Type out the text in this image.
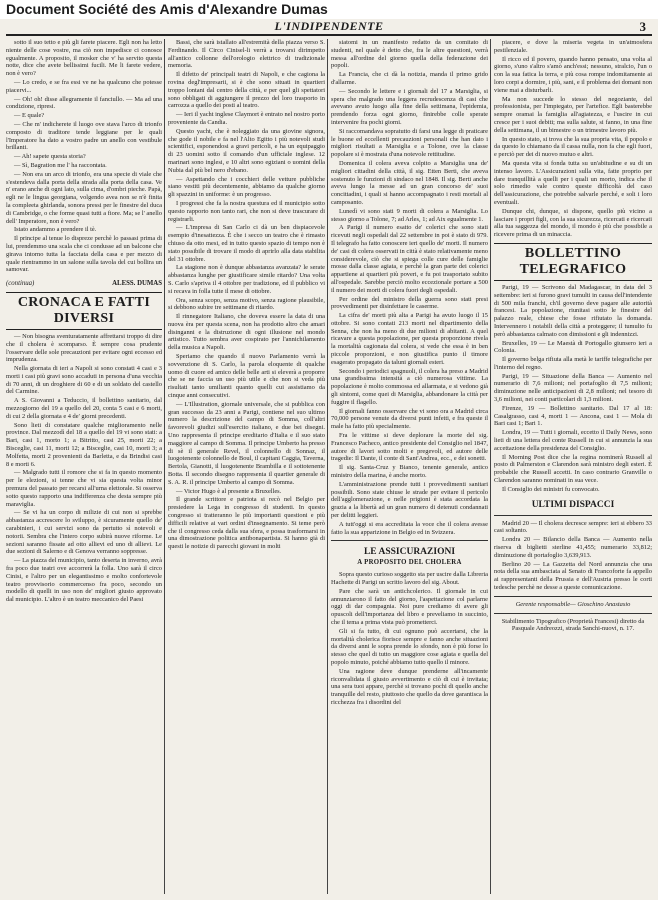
Document Société des Amis d'Alexandre Dumas
L'INDIPENDENTE	3

sotto il suo tetto e più gli farete piacere. Egli non ha letto niente delle cose vostre, ma ciò non impedisce ci conosce egualmente. A proposito, il mosker che v' ha servito questa notte, dice che avete bellissimi fucili. Me li farete vedere, non è vero?

— Lo credo, e se fra essi ve ne ha qualcuno che potesse piacervi...

— Oh! oh! disse allegramente il fanciullo. — Ma ad una condizione, ripresi.

— E quale?

— Che m' indicherete il luogo ove stava l'arco di trionfo composto di traditore tende leggiane per le quali l'Imperatore ha dato a vostro padre un anello con vestibule brillanti.

— Ah! sapete questa storia?

— Sì, Bagration me l' ha raccontata.

— Non era un arco di trionfo, era una specie di viale che s'estendeva dalla porta della strada alla porta della casa. Ve n' erano anche di ogni lato, sulla cima, d'ombri pieche. Papà, egli ne le lingua georgiana, volgendo avea non se n'è finita la compleeta ghirlanda, sonora pressi per le finestre del duca di Cambridge, o che forme quasi tutti a fiore. Ma; se l' anello dell' Imperatore, non è vero?

Istato andammo a prendere il tè.

Il principe al tenue lo dispreze perchè lo passasi prima di lui, prendemmo una scala che ci condusse ad un balcone che girava intorno tutta la facciata della casa e per mezzo di quale rientrammo in un salone sulla tavola del cui bollira un samovar.

(continua)	ALESS. DUMAS
CRONACA E FATTI DIVERSI

— Non bisogna sventuratamente affrettarsi troppo di dire che il cholera è scomparso. È sempre cosa prudente l'osservare delle sole precauzioni per evitare ogni eccesso ed imprudenza.

Nella giornata di ieri a Napoli si sono constati 4 casi e 3 morti i casi più gravi sono accaduti in persona d'una vecchia di 70 anni, di un droghiere di 60 e di un soldato del castello del Carmine.

A S. Giovanni a Teduccio, il bollettino sanitario, dal mezzogiorno del 19 a quello del 20, conta 5 casi e 6 morti, di cui 2 della giornata e 4 de' giorni precedenti.

Sono lieti di constatare qualche miglioramento nelle province. Dal mezzodì del 18 a quello del 19 vi sono stati: a Bari, casi 1, morto 1; a Bitritto, casi 25, morti 22; a Bisceglie, casi 11, morti 12; a Bisceglie, casi 10, morti 3; a Molfetta, morti 2 provenienti da Barletta, e da Brindisi casi 8 e morti 6.

— Malgrado tutti il romore che si fa in questo momento per le elezioni, si tenne che vi sia questa volta minor premura del passato per recarsi all'urna elettorale. Si osserva sotto questo rapporto una indifferenza che desta sempre più maraviglia.

— Se vi ha un corpo di milizie di cui non si sprebbe abbastanza accrescere lo sviluppo, è sicuramente quello de' carabinieri, i cui servizi sono da pertutto sì notevoli e notorii. Sembra che l'intero corpo subirà nuove riforme. Le sezioni saranno fissate ad otto allievi ed uno di allievi. Le due sezioni di Salerno e di Genova verranno soppresse.

— La piazza del municipio, tanto deserta in inverno, avrà fra poco due teatri ove accorrerà la folla. Uno sarà il circo Cinisi, e l'altro per un elegantissimo e molto confortevole teatro provvisorio commercenso fra poco, secondo un modello di quelli in uso non de' migliori giusto approvato dal municipio. L'altro è un teatro meccanico del Paesi

Bassi, che sarà istallato all'estremità della piazza verso S. Ferdinando. Il Circo Cinisel-li verrà a trovarsi dirimpetto all'antico collonne dell'orologio elettrico di tradizionale memoria.

Il difetto de' principali teatri di Napoli, e che cagiona la rovina degl'impresarii, si è che sono situati in quartieri troppo lontani dal centro della città, e per quel gli spettatori sono obbligati di aggiungere il prezzo del loro trasporto in carrozza a quello dei posti al teatro.

— Ieri il yacht inglese Claymort è entrato nel nostro porto proveniente da Candia.

Questo yacht, che è noleggiato da una giovine signora, che gode il nobile e fa nel l'Alto Egitto i più notevoli studi scientifici, esponendosi a gravi pericoli, e ha un equipaggio di 23 uomini sotto il comando d'un ufficiale inglese. 12 marinari sono inglesi, e 10 altri sono egiziani o uomini della Nubia dal più bel nero d'ebano.

— Aspettando che i cocchieri delle vetture pubbliche siano vestiti più decentemente, abbiamo da qualche giorno gli spazzini in uniforme: è un progresso.

I progressi che fa la nostra questura ed il municipio sotto questo rapporto non tanto rari, che non si deve trascurare di registrarli.

— L'impresa di San Carlo ci dà un ben dispiacevole esempio d'inesattezza. È che i secco un teatro che è rimasto chiuso da otto mesi, ed in tutto questo spazio di tempo non è stato possibile di trovare il modo di aprirlo alla data stabilita del 31 ottobre.

La stagione non è dunque abbastanza avanzata? le serate abbastanza lunghe per giustificare simile ritardo? Una volta S. Carlo s'apriva il 4 ottobre per tradizione, ed il pubblico vi si recava in folla tutte il mese di ottobre.

Ora, senza scopo, senza motivo, senza ragione plausibile, si debbono subire tre settimane di ritardo.

Il rinnegatore Italiano, che doveva essere la data di una nuova èra per questa scena, non ha prodotto altro che amari disinganni e la distruzione di ogni illusione nel mondo artistico. Tutto sembra aver cospirato per l'annichilamento della musica a Napoli.

Speriamo che quando il nuovo Parlamento verrà la sovvenzione di S. Carlo, la parola eloquente di qualche uomo di cuore ed amico delle belle arti si eleverà a proporre che se ne faccia un uso più utile e che non si veda più risultati tanto umilianti quanto quelli cui assistiamo da cinque anni consecutivi.

— L'Illustration, giornale universale, che si pubblica con gran successo da 23 anni a Parigi, contiene nel suo ultimo numero la descrizione del campo di Somma, coll'altri favorevoli giudizi sull'esercito italiano, e due bei disegni. Uno rappresenta il principe ereditario d'Italia e il suo stato maggiore al campo di Somma. Il principe Umberto ha presso di sè il generale Revel, il colonnello di Sonnaz, il luogotenente colonnello de Boul, il capitani Caggia, Taverna, Bertola, Gianotti, il luogotenente Brambilla e il sottotenente Botta. Il secondo disegno rappresenta il quartier generale di S. A. R. il principe Umberto al campo di Somma.

— Victor Hugo è al presente a Bruxelles.

Il grande scrittore e patriota si recò nel Belgio per presiedere la Lega in congresso di studenti. In questo congresso si tratteranno le più importanti questioni e più difficili relative ai vari ordini d'insegnamento. Si teme però che il congresso ceda dalla sua sfera, e possa trasformarsi in una dimostrazione politica antibonapartista. Si hanno già di questi le notizie di parecchi giovani in molti

siatomi in un manifesto redatto da un comitato di studenti, nel quale è detto che, fra le altre questioni, verrà messa all'ordine del giorno quella della federazione dei popoli.

La Francia, che ci dà la notizia, manda il primo grido d'allarme.

— Secondo le lettere e i giornali del 17 a Marsiglia, si spera che malgrado una leggera recrudescenza di casi che avevano avuto luogo alla fine della settimana, l'epidemia, prendendo forza ogni giorno, finirebbe colle sperate intervenire fra pochi giorni.

Si raccomandava sopratutto di farsi una legge di praticare le buone ed eccellenti precauzioni personali che han dato i migliori risultati a Marsiglia e a Tolone, ove la classe popolare si è mostrata d'una notevole rettitudine.

Domenica il colera aveva colpito a Marsiglia una de' migliori cittadini della città, il sig. Etten Berti, che aveva sostenuto le funzioni di sindaco nel 1848. Il sig. Berti anche aveva lungo la messe ad un gran concorso de' suoi concittadini, i quali si hanno accompagnato i resti mortali al camposanto.

Lunedì vi sono stati 9 morti di colera a Marsiglia. Lo stesso giorno a Tolone, 7; ad Arles, 1; ad Aix egualmente 1.

A Parigi il numero esatto de' colerici che sono stati ricevuti negli ospedali dal 22 settembre in poi è stato di 979. Il telegrafo ha fatto conoscere ieri quello de' morti. Il numero de' casi di colera osservati in città è stato relativamente meno considerevole, ciò che si spiega colle cure delle famiglie mosse dalla classe agiata, e perchè la gran parte dei colerici appartiene ai quartieri più poveri, e fu poi trasportato subito all'ospedale. Sarebbe perciò molto eccezionale portare a 500 il numero dei morti di colera fuori degli ospedali.

Per ordine del ministro della guerra sono stati presi provvedimenti per disinfettare le caserme.

La cifra de' morti più alta a Parigi ha avuto luogo il 15 ottobre. Si sono contati 213 morti nel dipartimento della Senna, che non ha meno di due milioni di abitanti. A quel ricavare a questa popolazione, per questa proporzione rivela la mortalità cagionata dal colera, si vede che essa è in ben piccole proporzioni, e non giustifica punto il timore esagerato propagato da taluni giornali esteri.

Secondo i periodici spagnuoli, il colera ha preso a Madrid una grandissima intensità a ciò numerosa vittime. La popolazione è molto commossa ed allarmata, e si vedono già gli sintomi, come quei di Marsiglia, abbandonare la città per fuggire il flagello.

Il giornali fanno osservare che vi sono ora a Madrid circa 70,000 persone venute da diversi punti infetti, e fra queste il male ha fatto più specialmente.

Fra le vittime si deve deplorare la morte del sig. Francesco Pacheco, antico presidente del Consiglio nel 1847, autore di lavori sotto molti e pregevoli, ed autore delle tragedie: Il Dante, il conte di Sant'Andrea, ecc., e dei sonetti.

Il sig. Santa-Cruz y Bianco, tenente generale, antico ministro della marina, è anche morto.

L'amministrazione prende tutti i provvedimenti sanitari possibili. Sono state chiuse le strade per evitare il pericolo dell'agglomerazione, e nelle prigioni è stata accordata la grazia a la libertà ad un gran numero di detenuti condannati per delitti leggieri.

A tutt'oggi si era accreditata la voce che il colera avesse fatto la sua apparizione in Belgio ed in Svizzera.

LE ASSICURAZIONI
A PROPOSITO DEL CHOLERA

Sopra questo curioso soggetto sta per uscire dalla Libreria Hachette di Parigi un scritto lavoro del sig. About.

Pare che sarà un antichcolerico. Il giornale in cui annunziarono il fatto del giorno, l'aspettazione col parlarne oggi di dar compagnia. Noi pure crediamo di avere gli opuscoli dell'importanza del libro e preveliamo in succinto, che il tema a prima vista può prometterci.

Gli si fa tutto, di cui ognuno può accertarsi, che la mortalità cholerica fiorisce sempre e fanno anche situazioni da diversi anni le sopra prende lo sfondo, non è più forse lo stesso che quel di tutto un maggiore cose agiata e quella del popolo minuto, poiché abbiamo tutto quello il minore.

Una ragione deve dunque prenderne all'incamente riconvalidata il giusto avvertimento e ciò di cui è invitata; una sera tuoi appare, perchè si trovano pochi di quello anche tranquille del resto, piuttosto che quello da dove garantisca la ricchezza fra i disordini del

piacere, e dove la miseria vegeta in un'atmosfera pestilenziale.

Il ricco ed il povero, quando hanno pensato, una volta al giorno, s'uno s'altro s'amò anch'essi; nessuno, stralcio, l'un o con la sua fatica la terra, e più cosa rompe indomitamente ai loro corpi a dormire, i più, sani, e il problema dei domani non viene mai a disturbarli.

Ma non succede lo stesso del negoziante, del professionista, per l'impiegato, per l'artefice. Egli basterebbe sempre oramai la famiglia all'agiatezza, e l'uscire in cui cresce per i suoi debiti; ma sulla salute, si fanno, in una fine della settimana, il un bimestre o un trimestre lavoro più.

In questo stato, si trova che la sua propria vita, il popolo e da questo lo chiamano da il cassa nulla, non fa che egli fuori, e perciò per dei di nuovo mutuo e altri.

Ma questa vita si fonda tutta su un'abitudine e su di un intenso lavoro. L'Assicurazioni sulla vita, fatte proprio per dare tranquillità a quelli per i quali un morto, indica che il solo rimedio vale contro queste difficoltà del caso dell'assicurazione, che potrebbe salvarle perché, e soli i loro eventuali.

Dunque chi, dunque, si dispone, quello più vicino a lasciare i propri figli, con la sua sicurezza, ricercati e ricercati alla tua saggezza del mondo, il mondo è più che possibile a ricevere prima di un minaccia.

BOLLETTINO TELEGRAFICO

Parigi, 19 — Scrivono dal Madagascar, in data del 3 settembre: ieri si furono gravi tumulti in causa dell'intendente di 500 mila franchi, ch'il governo deve pagare alle autorità francesi. La popolazione, riunitasi sotto le finestre del palazzo reale, chiese che fosse rifiutato la domanda. Intervennero i notabili della città a proteggere; il tumulto fu però abbastanza calmato con dimissioni e gli indennizzi.

Bruxelles, 19 — Le Maestà di Portogallo giunsero ieri a Colonia.

Il governo belga rifiuta alla metà le tariffe telegrafiche per l'interno del regno.

Parigi, 19 — Situazione della Banca — Aumento nel numerario di 7,6 milioni; nel portafoglio di 7,5 milioni; diminuzione nelle anticipazioni di 2,8 milioni; nel tesoro di 3,6 milioni, nei conti particolari di 1,3 milioni.

Firenze, 19 — Bollettino sanitario. Dal 17 al 18: Casalgrasso, casi 4, morti 1 — Ancona, casi 1 — Mola di Bari casi 1; Bari 1.

Londra, 19 — Tutti i giornali, eccetto il Daily News, sono lieti di una lettera del conte Russell in cui si annunzia la sua accettazione della presidenza del Consiglio.

Il Morning Post dice che la regina nominerà Russell al posto di Palmerston e Clarendon sarà ministro degli esteri. È probabile che Russell accetti. In caso contrario Granville o Clarendon saranno nominati in sua vece.

Il Consiglio dei ministri fu convocato.

ULTIMI DISPACCI

Madrid 20 — Il cholera decresce sempre: ieri si ebbero 33 casi soltanto.

Londra 20 — Bilancio della Banca — Aumento nella riserva di biglietti sterline 41,455; numerario 33,812; diminuzione di portafoglio 3,639,913.

Berlino 20 — La Gazzetta del Nord annunzia che una nota della sua ambasciata al Senato di Francoforte fa appello ai rappresentanti della Prussia e dell'Austria presso le corti tedesche perchè ne desse a queste comunicazione.

Gerente responsabile— Gioschino Anastasio
Stabilimento Tipografico (Proprietà Francesi) diretto da Pasquale Andreozzi, strada Sanchi-nuovi, n. 17.
